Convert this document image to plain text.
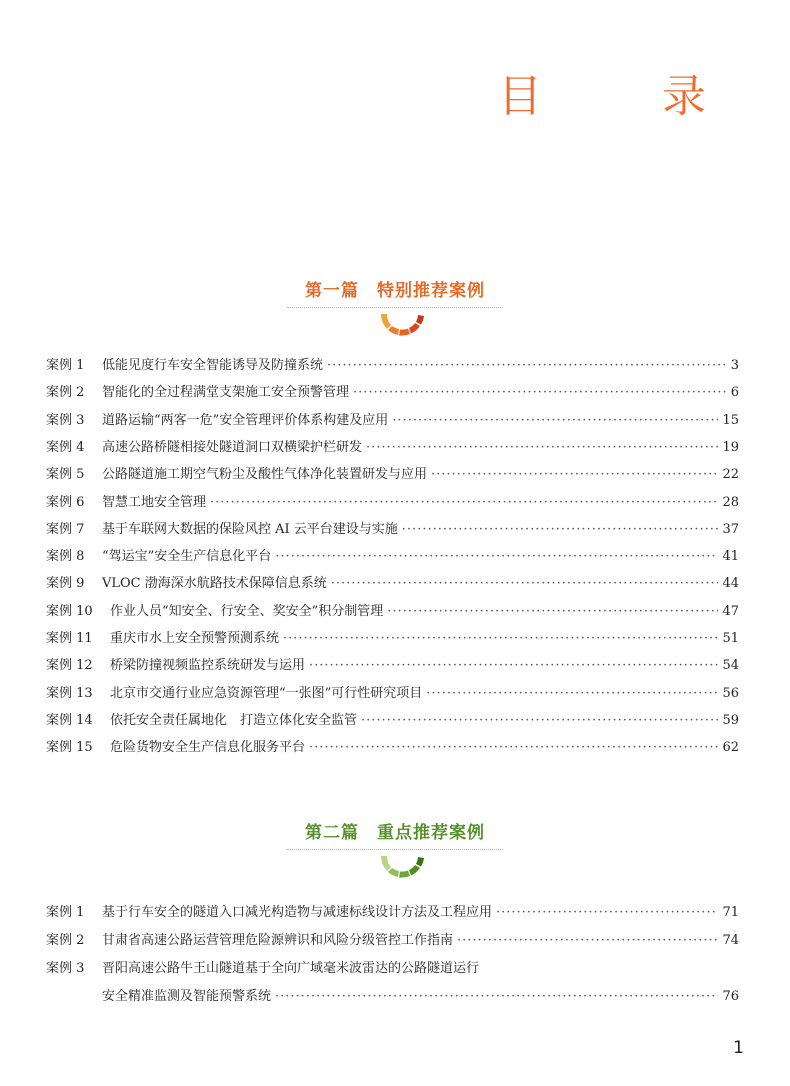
目　录
第一篇　特别推荐案例
案例 1 低能见度行车安全智能诱导及防撞系统 ·····	3
案例 2 智能化的全过程满堂支架施工安全预警管理 ·····	6
案例 3 道路运输“两客一危”安全管理评价体系构建及应用 ·····	15
案例 4 高速公路桥隧相接处隧道洞口双横梁护栏研发 ·····	19
案例 5 公路隧道施工期空气粉尘及酸性气体净化装置研发与应用 ·····	22
案例 6 智慧工地安全管理 ·····	28
案例 7 基于车联网大数据的保险风控 AI 云平台建设与实施 ·····	37
案例 8 “驾运宝”安全生产信息化平台 ·····	41
案例 9 VLOC 渤海深水航路技术保障信息系统 ·····	44
案例 10 作业人员“知安全、行安全、奖安全”积分制管理 ·····	47
案例 11 重庆市水上安全预警预测系统 ·····	51
案例 12 桥梁防撞视频监控系统研发与运用 ·····	54
案例 13 北京市交通行业应急资源管理“一张图”可行性研究项目 ·····	56
案例 14 依托安全责任属地化　打造立体化安全监管 ·····	59
案例 15 危险货物安全生产信息化服务平台 ·····	62
第二篇　重点推荐案例
案例 1 基于行车安全的隧道入口减光构造物与减速标线设计方法及工程应用 ·····	71
案例 2 甘肃省高速公路运营管理危险源辨识和风险分级管控工作指南 ·····	74
案例 3 晋阳高速公路牛王山隧道基于全向广域毫米波雷达的公路隧道运行
安全精准监测及智能预警系统 ·····	76
1
